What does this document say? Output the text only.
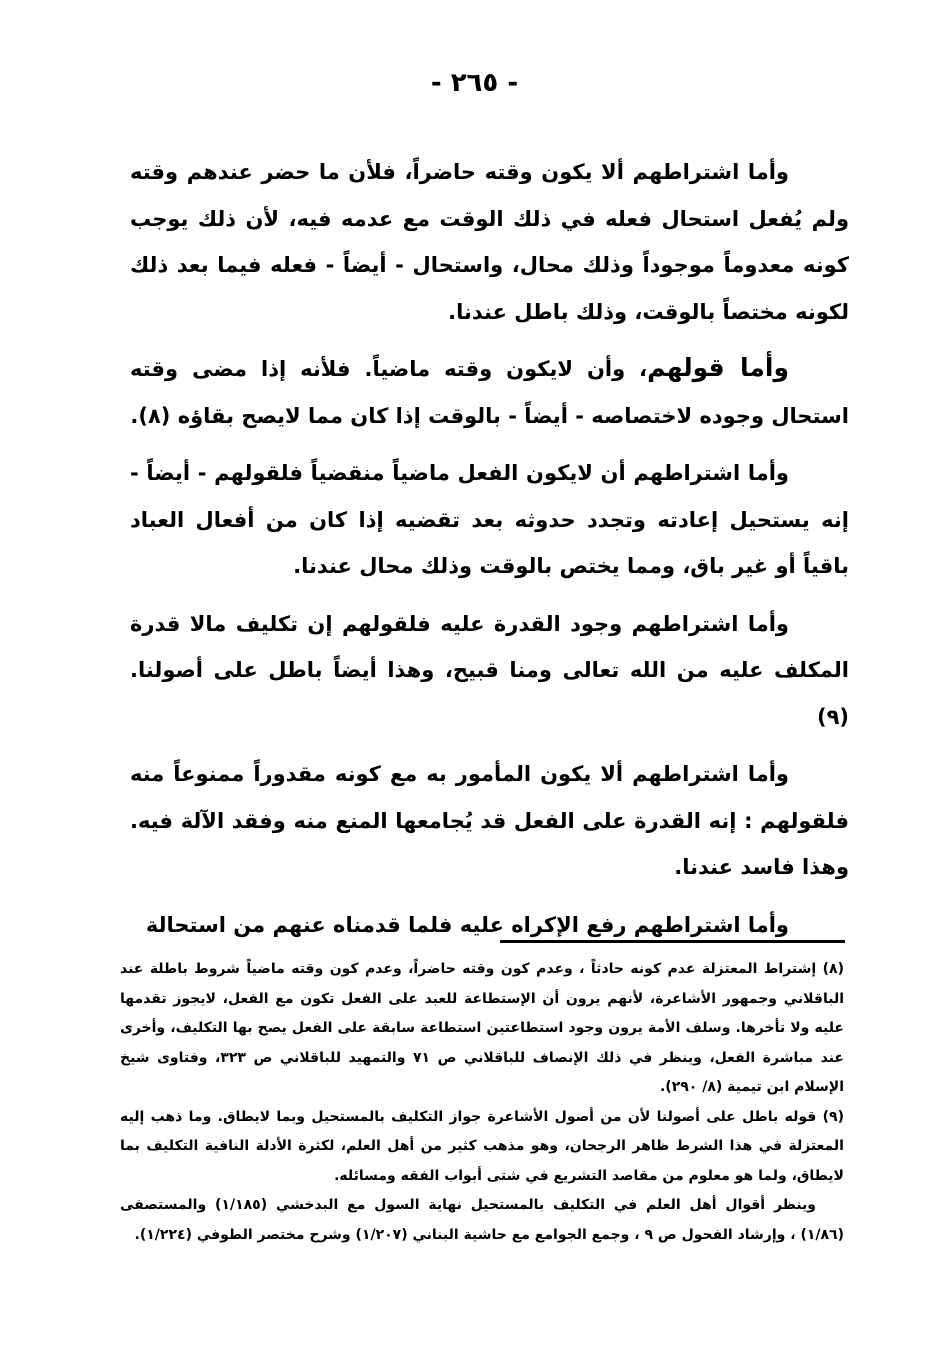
- ٢٦٥ -

وأما اشتراطهم ألا يكون وقته حاضراً، فلأن ما حضر عندهم وقته ولم يُفعل استحال فعله في ذلك الوقت مع عدمه فيه، لأن ذلك يوجب كونه معدوماً موجوداً وذلك محال، واستحال - أيضاً - فعله فيما بعد ذلك لكونه مختصاً بالوقت، وذلك باطل عندنا.

وأما قولهم، وأن لايكون وقته ماضياً. فلأنه إذا مضى وقته استحال وجوده لاختصاصه - أيضاً - بالوقت إذا كان مما لايصح بقاؤه (٨).

وأما اشتراطهم أن لايكون الفعل ماضياً منقضياً فلقولهم - أيضاً - إنه يستحيل إعادته وتجدد حدوثه بعد تقضيه إذا كان من أفعال العباد باقياً أو غير باق، ومما يختص بالوقت وذلك محال عندنا.

وأما اشتراطهم وجود القدرة عليه فلقولهم إن تكليف مالا قدرة المكلف عليه من الله تعالى ومنا قبيح، وهذا أيضاً باطل على أصولنا. (٩)

وأما اشتراطهم ألا يكون المأمور به مع كونه مقدوراً ممنوعاً منه فلقولهم : إنه القدرة على الفعل قد يُجامعها المنع منه وفقد الآلة فيه. وهذا فاسد عندنا.

وأما اشتراطهم رفع الإكراه عليه فلما قدمناه عنهم من استحالة

(٨) إشتراط المعتزلة عدم كونه حادثاً ، وعدم كون وقته حاضراً، وعدم كون وقته ماضياً شروط باطلة عند الباقلاني وجمهور الأشاعرة، لأنهم يرون أن الإستطاعة للعبد على الفعل تكون مع الفعل، لايجوز تقدمها عليه ولا تأخرها. وسلف الأمة يرون وجود استطاعتين استطاعة سابقة على الفعل يصح بها التكليف، وأخرى عند مباشرة الفعل، وينظر في ذلك الإنصاف للباقلاني ص ٧١ والتمهيد للباقلاني ص ٣٢٣، وفتاوى شيخ الإسلام ابن تيمية (٨/ ٢٩٠).

(٩) قوله باطل على أصولنا لأن من أصول الأشاعرة جواز التكليف بالمستحيل وبما لايطاق. وما ذهب إليه المعتزلة في هذا الشرط ظاهر الرجحان، وهو مذهب كثير من أهل العلم، لكثرة الأدلة النافية التكليف بما لايطاق، ولما هو معلوم من مقاصد التشريع في شتى أبواب الفقه ومسائله.

وينظر أقوال أهل العلم في التكليف بالمستحيل نهاية السول مع البدخشي (١/١٨٥) والمستصفى (١/٨٦) ، وإرشاد الفحول ص ٩ ، وجمع الجوامع مع حاشية البناني (١/٢٠٧) وشرح مختصر الطوفي (١/٢٢٤).
